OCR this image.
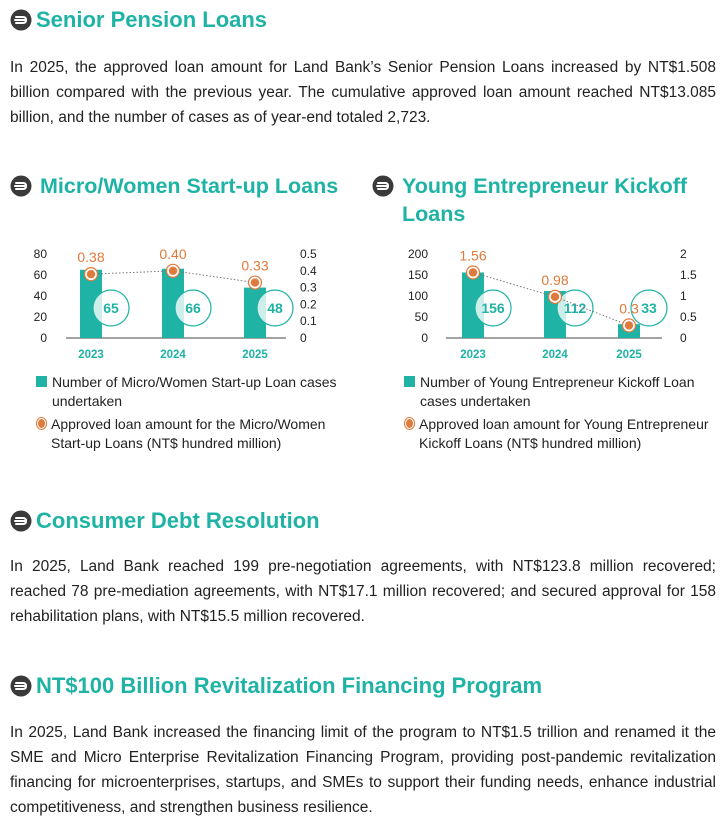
Senior Pension Loans
In 2025, the approved loan amount for Land Bank’s Senior Pension Loans increased by NT$1.508 billion compared with the previous year. The cumulative approved loan amount reached NT$13.085 billion, and the number of cases as of year-end totaled 2,723.
Micro/Women Start-up Loans
0
20
40
60
80
0
0.1
0.2
0.3
0.4
0.5
2023
65
2024
66
2025
48
0.38	0.40
0.33
Number of Micro/Women Start-up Loan cases undertaken
Approved loan amount for the Micro/Women Start-up Loans (NT$ hundred million)
Young Entrepreneur Kickoff Loans
0
50
100
150
200
0
0.5
1
1.5
2
2023
156
2024
112
2025
33
1.56
0.98
0.3
Number of Young Entrepreneur Kickoff Loan cases undertaken
Approved loan amount for Young Entrepreneur Kickoff Loans (NT$ hundred million)
Consumer Debt Resolution
In 2025, Land Bank reached 199 pre-negotiation agreements, with NT$123.8 million recovered; reached 78 pre-mediation agreements, with NT$17.1 million recovered; and secured approval for 158 rehabilitation plans, with NT$15.5 million recovered.
NT$100 Billion Revitalization Financing Program
In 2025, Land Bank increased the financing limit of the program to NT$1.5 trillion and renamed it the SME and Micro Enterprise Revitalization Financing Program, providing post-pandemic revitalization financing for microenterprises, startups, and SMEs to support their funding needs, enhance industrial competitiveness, and strengthen business resilience.
